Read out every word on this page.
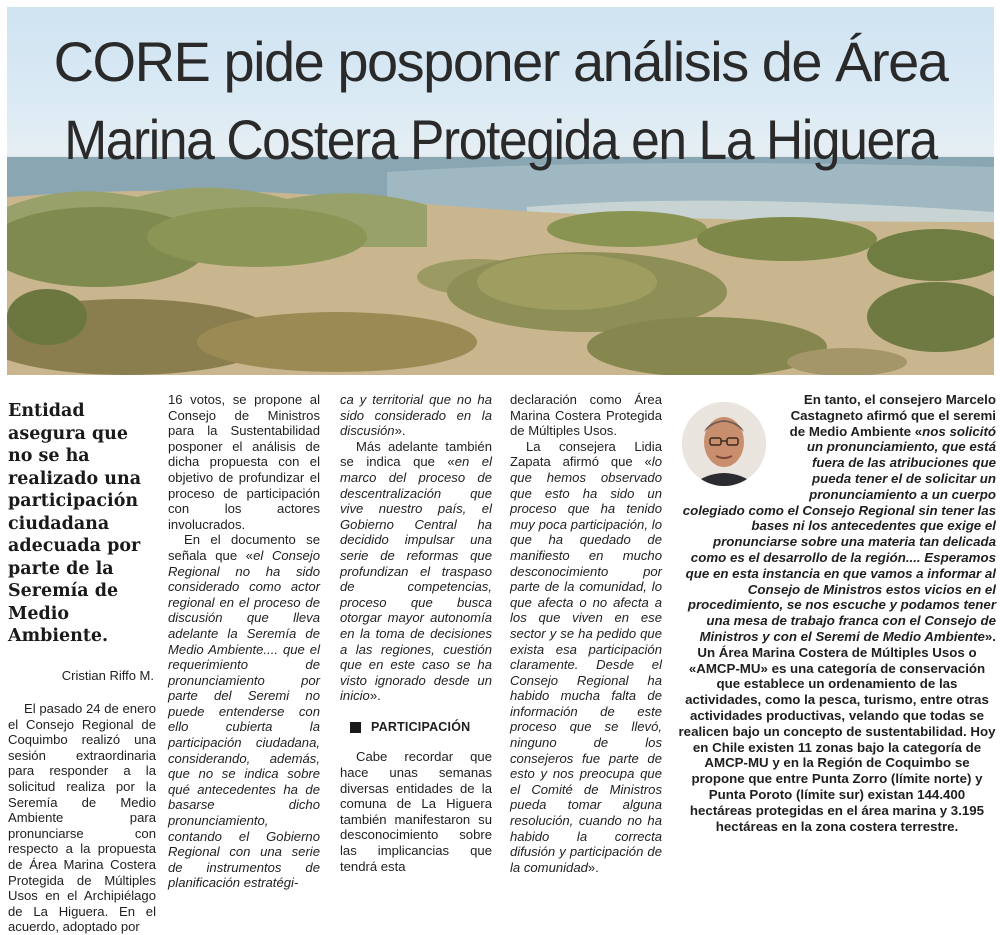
CORE pide posponer análisis de Área
Marina Costera Protegida en La Higuera
Entidad asegura que no se ha realizado una participación ciudadana adecuada por parte de la Seremía de Medio Ambiente.
Cristian Riffo M.

El pasado 24 de enero el Consejo Regional de Coquimbo realizó una sesión extraordinaria para responder a la solicitud realiza por la Seremía de Medio Ambiente para pronunciarse con respecto a la propuesta de Área Marina Costera Protegida de Múltiples Usos en el Archipiélago de La Higuera. En el acuerdo, adoptado por

16 votos, se propone al Consejo de Ministros para la Sustentabilidad posponer el análisis de dicha propuesta con el objetivo de profundizar el proceso de participación con los actores involucrados.

En el documento se señala que «el Consejo Regional no ha sido considerado como actor regional en el proceso de discusión que lleva adelante la Seremía de Medio Ambiente.... que el requerimiento de pronunciamiento por parte del Seremi no puede entenderse con ello cubierta la participación ciudadana, considerando, además, que no se indica sobre qué antecedentes ha de basarse dicho pronunciamiento, contando el Gobierno Regional con una serie de instrumentos de planificación estratégi-

ca y territorial que no ha sido considerado en la discusión».

Más adelante también se indica que «en el marco del proceso de descentralización que vive nuestro país, el Gobierno Central ha decidido impulsar una serie de reformas que profundizan el traspaso de competencias, proceso que busca otorgar mayor autonomía en la toma de decisiones a las regiones, cuestión que en este caso se ha visto ignorado desde un inicio».

PARTICIPACIÓN

Cabe recordar que hace unas semanas diversas entidades de la comuna de La Higuera también manifestaron su desconocimiento sobre las implicancias que tendrá esta

declaración como Área Marina Costera Protegida de Múltiples Usos.

La consejera Lidia Zapata afirmó que «lo que hemos observado que esto ha sido un proceso que ha tenido muy poca participación, lo que ha quedado de manifiesto en mucho desconocimiento por parte de la comunidad, lo que afecta o no afecta a los que viven en ese sector y se ha pedido que exista esa participación claramente. Desde el Consejo Regional ha habido mucha falta de información de este proceso que se llevó, ninguno de los consejeros fue parte de esto y nos preocupa que el Comité de Ministros pueda tomar alguna resolución, cuando no ha habido la correcta difusión y participación de la comunidad».

En tanto, el consejero Marcelo Castagneto afirmó que el seremi de Medio Ambiente «nos solicitó un pronunciamiento, que está fuera de las atribuciones que pueda tener el de solicitar un pronunciamiento a un cuerpo colegiado como el Consejo Regional sin tener las bases ni los antecedentes que exige el pronunciarse sobre una materia tan delicada como es el desarrollo de la región.... Esperamos que en esta instancia en que vamos a informar al Consejo de Ministros estos vicios en el procedimiento, se nos escuche y podamos tener una mesa de trabajo franca con el Consejo de Ministros y con el Seremi de Medio Ambiente».

Un Área Marina Costera de Múltiples Usos o «AMCP-MU» es una categoría de conservación que establece un ordenamiento de las actividades, como la pesca, turismo, entre otras actividades productivas, velando que todas se realicen bajo un concepto de sustentabilidad. Hoy en Chile existen 11 zonas bajo la categoría de AMCP-MU y en la Región de Coquimbo se propone que entre Punta Zorro (límite norte) y Punta Poroto (límite sur) existan 144.400 hectáreas protegidas en el área marina y 3.195 hectáreas en la zona costera terrestre.
